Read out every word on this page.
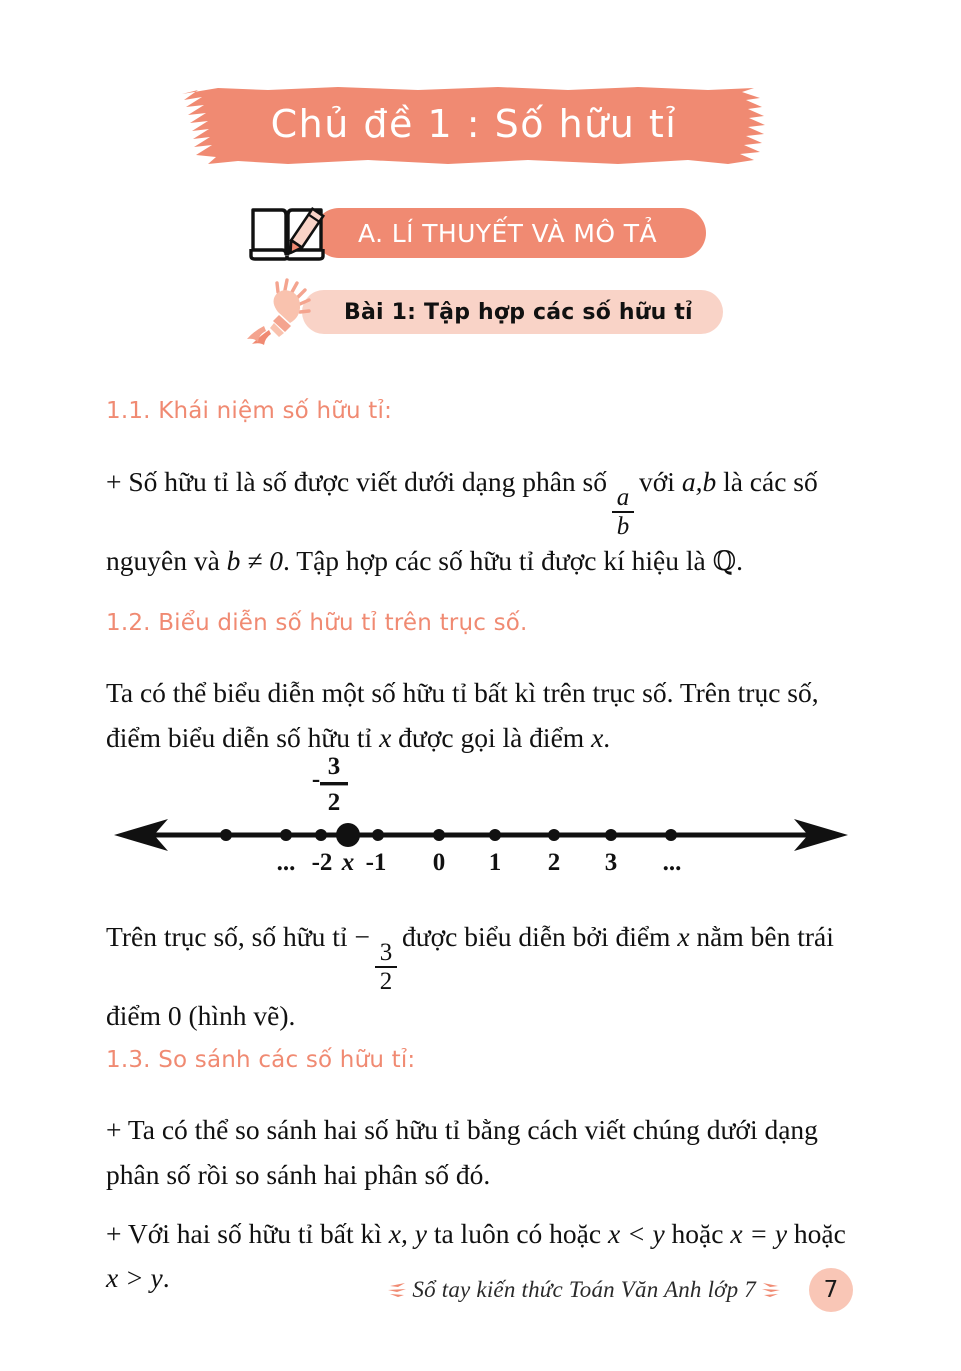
Chủ đề 1 : Số hữu tỉ
A. LÍ THUYẾT VÀ MÔ TẢ
Bài 1: Tập hợp các số hữu tỉ
1.1. Khái niệm số hữu tỉ:

+ Số hữu tỉ là số được viết dưới dạng phân số
$\frac{a}{b}$
với a,b là các số nguyên và b ≠ 0. Tập hợp các số hữu tỉ được kí hiệu là ℚ.

1.2. Biểu diễn số hữu tỉ trên trục số.

Ta có thể biểu diễn một số hữu tỉ bất kì trên trục số. Trên trục số, điểm biểu diễn số hữu tỉ x được gọi là điểm x.

- 3
2
... -2 x -1 0 1 2 3 ...

Trên trục số, số hữu tỉ −
$\frac{3}{2}$
được biểu diễn bởi điểm x nằm bên trái điểm 0 (hình vẽ).

1.3. So sánh các số hữu tỉ:

+ Ta có thể so sánh hai số hữu tỉ bằng cách viết chúng dưới dạng phân số rồi so sánh hai phân số đó.

+ Với hai số hữu tỉ bất kì x, y ta luôn có hoặc x < y hoặc x = y hoặc x > y.	Sổ tay kiến thức Toán Văn Anh lớp 7	7
